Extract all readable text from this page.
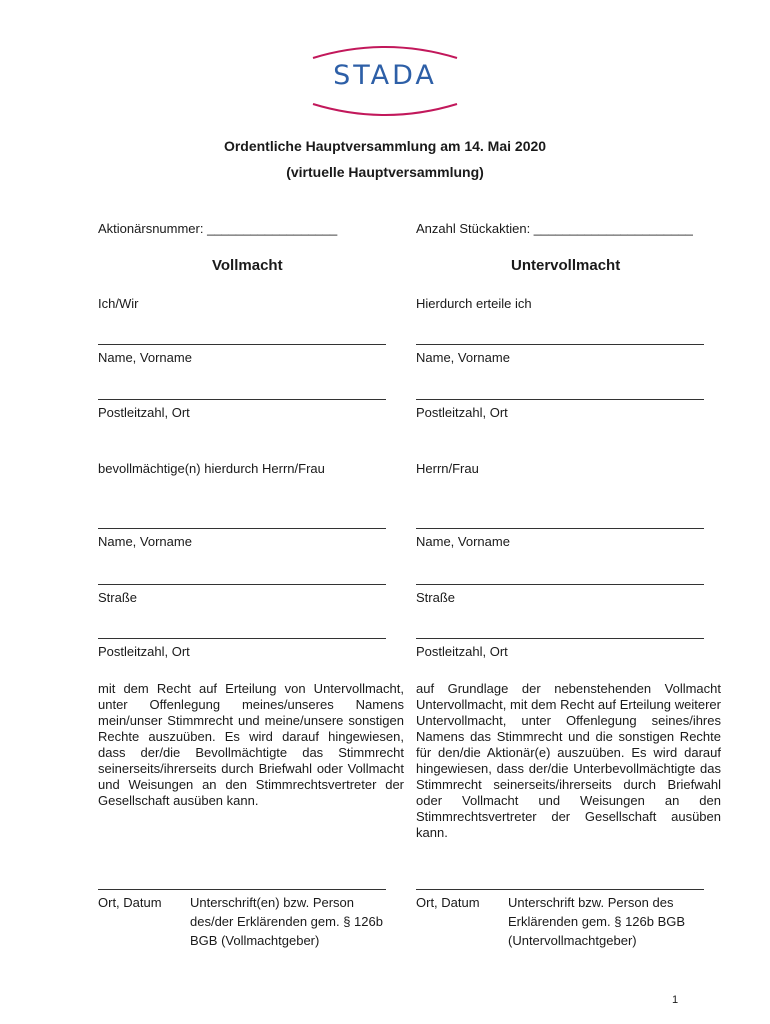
STADA
Ordentliche Hauptversammlung am 14. Mai 2020
(virtuelle Hauptversammlung)
Aktionärsnummer: __________________	Anzahl Stückaktien: ______________________
Vollmacht	Untervollmacht
Ich/Wir
Name, Vorname
Postleitzahl, Ort
bevollmächtige(n) hierdurch Herrn/Frau
Name, Vorname
Straße
Postleitzahl, Ort
mit dem Recht auf Erteilung von Untervollmacht, unter Offenlegung meines/unseres Namens mein/unser Stimmrecht und meine/unsere sonstigen Rechte auszuüben. Es wird darauf hingewiesen, dass der/die Bevollmächtigte das Stimmrecht seinerseits/ihrerseits durch Briefwahl oder Vollmacht und Weisungen an den Stimmrechtsvertreter der Gesellschaft ausüben kann.
Ort, Datum Unterschrift(en) bzw. Person
des/der Erklärenden gem. § 126b
BGB (Vollmachtgeber)
Hierdurch erteile ich
Name, Vorname
Postleitzahl, Ort
Herrn/Frau
Name, Vorname
Straße
Postleitzahl, Ort
auf Grundlage der nebenstehenden Vollmacht Untervollmacht, mit dem Recht auf Erteilung weiterer Untervollmacht, unter Offenlegung seines/ihres Namens das Stimmrecht und die sonstigen Rechte für den/die Aktionär(e) auszuüben. Es wird darauf hingewiesen, dass der/die Unterbevollmächtigte das Stimmrecht seinerseits/ihrerseits durch Briefwahl oder Vollmacht und Weisungen an den Stimmrechtsvertreter der Gesellschaft ausüben kann.
Ort, Datum Unterschrift bzw. Person des
Erklärenden gem. § 126b BGB
(Untervollmachtgeber)
1
